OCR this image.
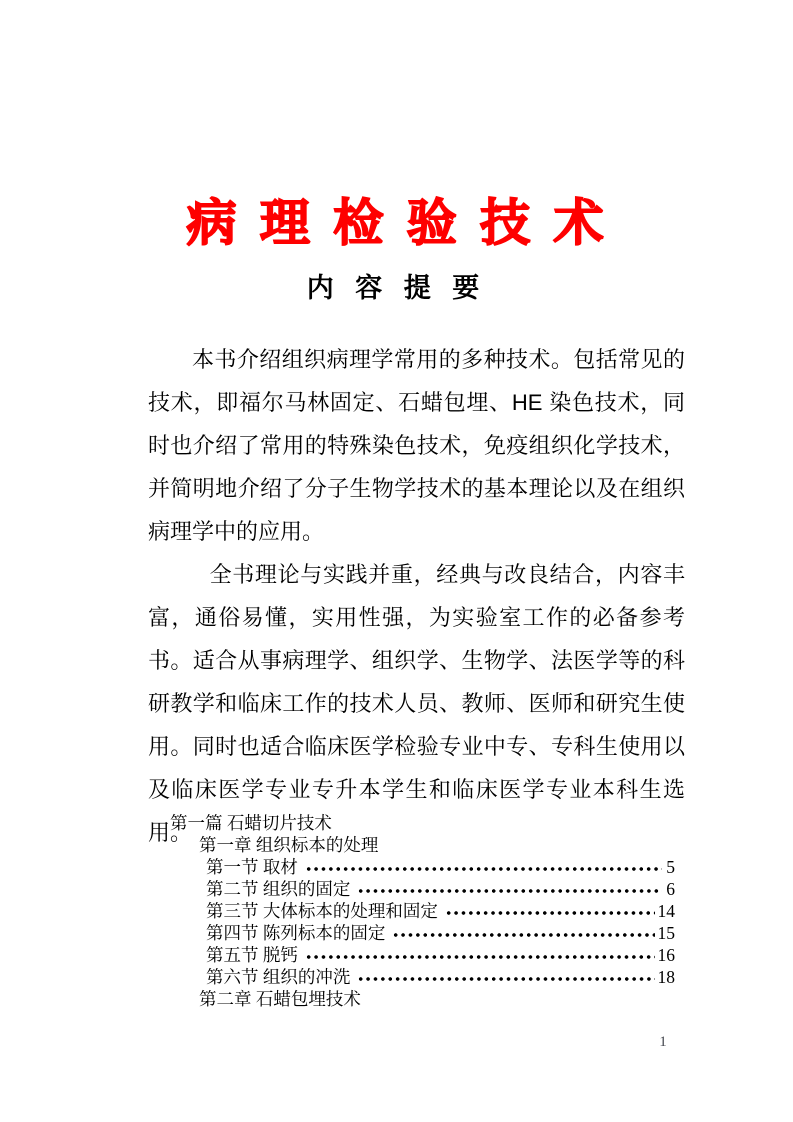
病 理 检 验 技 术
内 容 提 要

本书介绍组织病理学常用的多种技术。包括常见的技术，即福尔马林固定、石蜡包埋、HE 染色技术，同时也介绍了常用的特殊染色技术，免疫组织化学技术，并简明地介绍了分子生物学技术的基本理论以及在组织病理学中的应用。

全书理论与实践并重，经典与改良结合，内容丰富，通俗易懂，实用性强，为实验室工作的必备参考书。适合从事病理学、组织学、生物学、法医学等的科研教学和临床工作的技术人员、教师、医师和研究生使用。同时也适合临床医学检验专业中专、专科生使用以及临床医学专业专升本学生和临床医学专业本科生选用。

第一篇 石蜡切片技术
第一章 组织标本的处理
第一节 取材	5
第二节 组织的固定	6
第三节 大体标本的处理和固定	14
第四节 陈列标本的固定	15
第五节 脱钙	16
第六节 组织的冲洗	18
第二章 石蜡包埋技术
1
